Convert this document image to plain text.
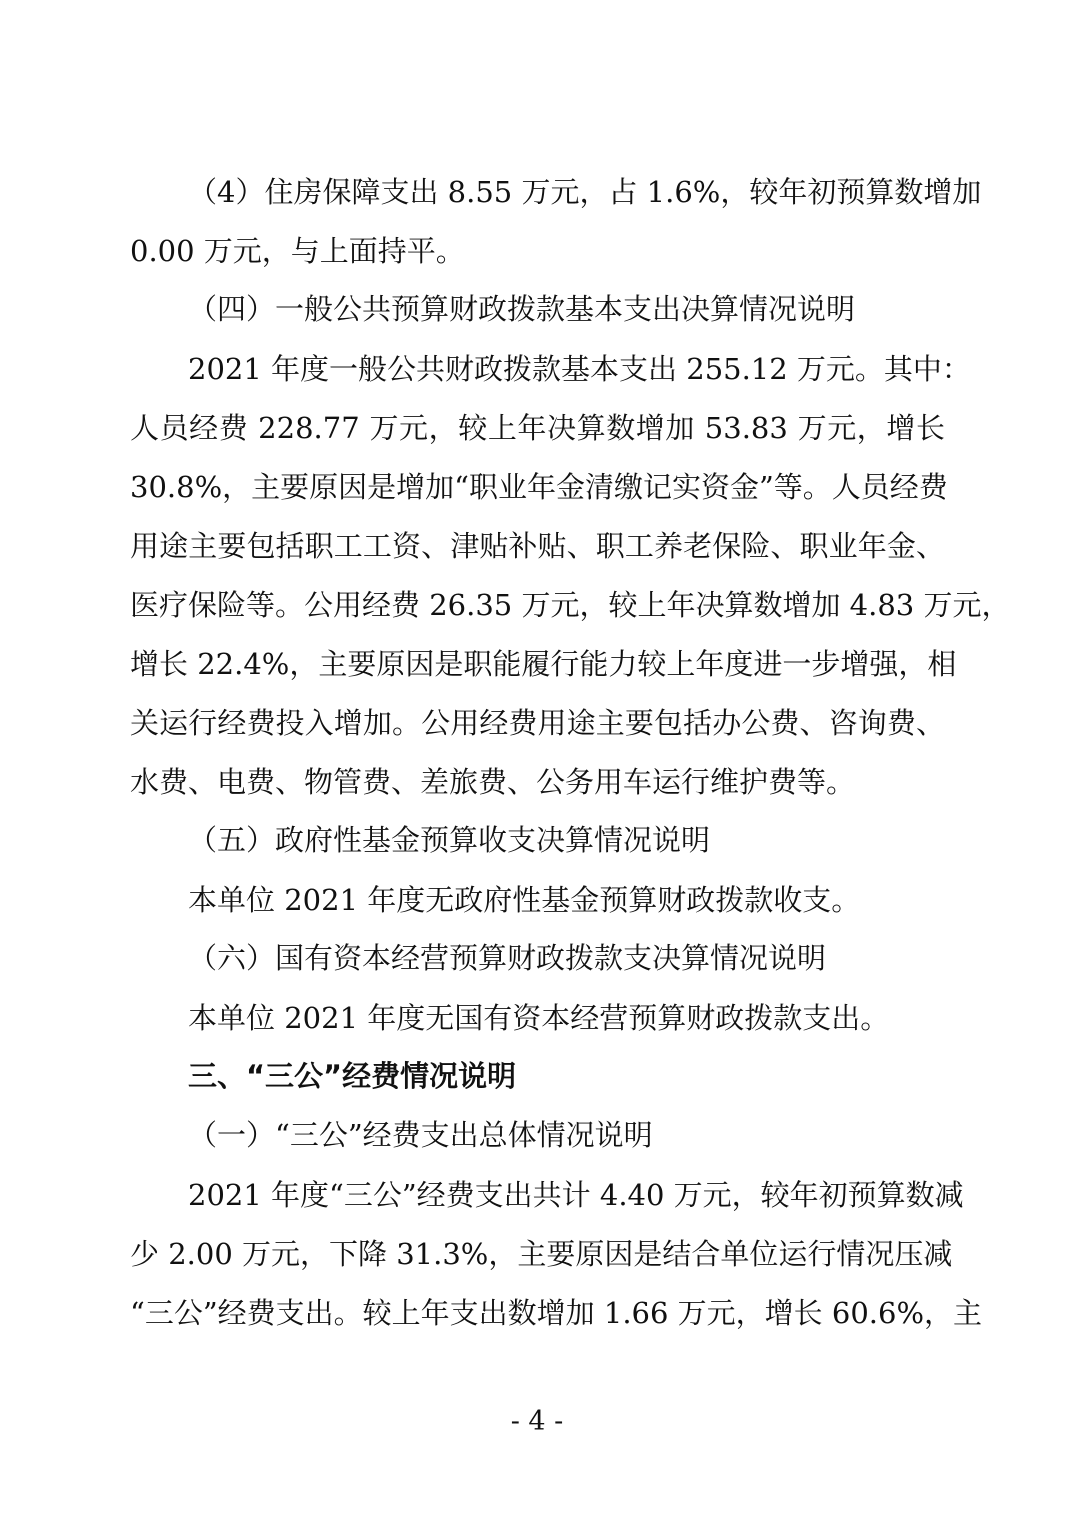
（4）住房保障支出 8.55 万元，占 1.6%，较年初预算数增加
0.00 万元，与上面持平。
（四）一般公共预算财政拨款基本支出决算情况说明
2021 年度一般公共财政拨款基本支出 255.12 万元。其中：
人员经费 228.77 万元，较上年决算数增加 53.83 万元，增长
30.8%，主要原因是增加“职业年金清缴记实资金”等。人员经费
用途主要包括职工工资、津贴补贴、职工养老保险、职业年金、
医疗保险等。公用经费 26.35 万元，较上年决算数增加 4.83 万元，
增长 22.4%，主要原因是职能履行能力较上年度进一步增强，相
关运行经费投入增加。公用经费用途主要包括办公费、咨询费、
水费、电费、物管费、差旅费、公务用车运行维护费等。
（五）政府性基金预算收支决算情况说明
本单位 2021 年度无政府性基金预算财政拨款收支。
（六）国有资本经营预算财政拨款支决算情况说明
本单位 2021 年度无国有资本经营预算财政拨款支出。
三、“三公”经费情况说明
（一）“三公”经费支出总体情况说明
2021 年度“三公”经费支出共计 4.40 万元，较年初预算数减
少 2.00 万元，下降 31.3%，主要原因是结合单位运行情况压减
“三公”经费支出。较上年支出数增加 1.66 万元，增长 60.6%，主
- 4 -
